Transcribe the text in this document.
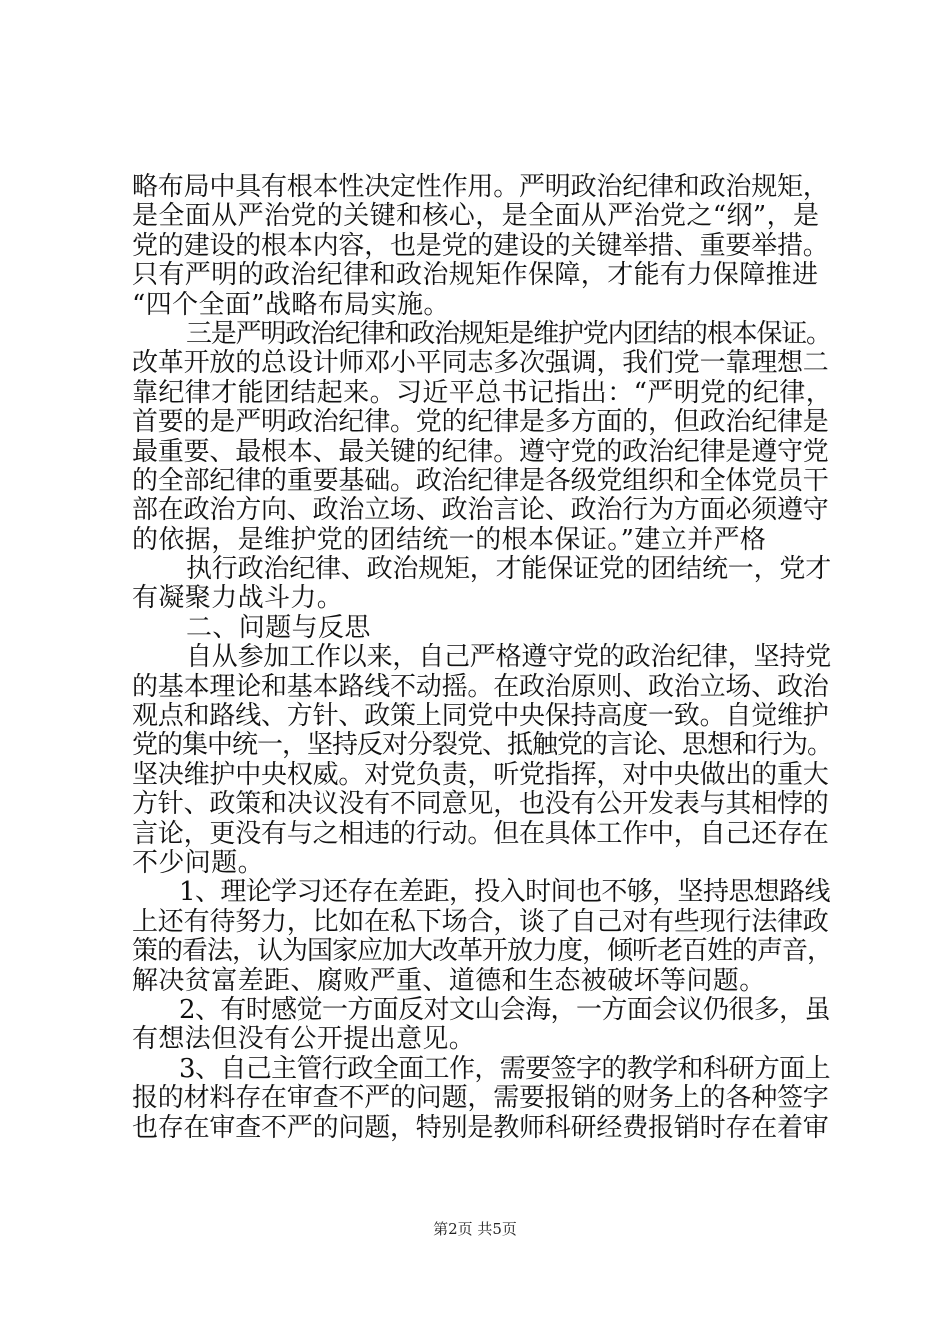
略布局中具有根本性决定性作用。严明政治纪律和政治规矩，
是全面从严治党的关键和核心，是全面从严治党之“纲”，是
党的建设的根本内容，也是党的建设的关键举措、重要举措。
只有严明的政治纪律和政治规矩作保障，才能有力保障推进
“四个全面”战略布局实施。
三是严明政治纪律和政治规矩是维护党内团结的根本保证。
改革开放的总设计师邓小平同志多次强调，我们党一靠理想二
靠纪律才能团结起来。习近平总书记指出：“严明党的纪律，
首要的是严明政治纪律。党的纪律是多方面的，但政治纪律是
最重要、最根本、最关键的纪律。遵守党的政治纪律是遵守党
的全部纪律的重要基础。政治纪律是各级党组织和全体党员干
部在政治方向、政治立场、政治言论、政治行为方面必须遵守
的依据，是维护党的团结统一的根本保证。”建立并严格
执行政治纪律、政治规矩，才能保证党的团结统一，党才
有凝聚力战斗力。
二、问题与反思
自从参加工作以来，自己严格遵守党的政治纪律，坚持党
的基本理论和基本路线不动摇。在政治原则、政治立场、政治
观点和路线、方针、政策上同党中央保持高度一致。自觉维护
党的集中统一，坚持反对分裂党、抵触党的言论、思想和行为。
坚决维护中央权威。对党负责，听党指挥，对中央做出的重大
方针、政策和决议没有不同意见，也没有公开发表与其相悖的
言论，更没有与之相违的行动。但在具体工作中，自己还存在
不少问题。
1、理论学习还存在差距，投入时间也不够，坚持思想路线
上还有待努力，比如在私下场合，谈了自己对有些现行法律政
策的看法，认为国家应加大改革开放力度，倾听老百姓的声音，
解决贫富差距、腐败严重、道德和生态被破坏等问题。
2、有时感觉一方面反对文山会海，一方面会议仍很多，虽
有想法但没有公开提出意见。
3、自己主管行政全面工作，需要签字的教学和科研方面上
报的材料存在审查不严的问题，需要报销的财务上的各种签字
也存在审查不严的问题，特别是教师科研经费报销时存在着审
第2页 共5页
